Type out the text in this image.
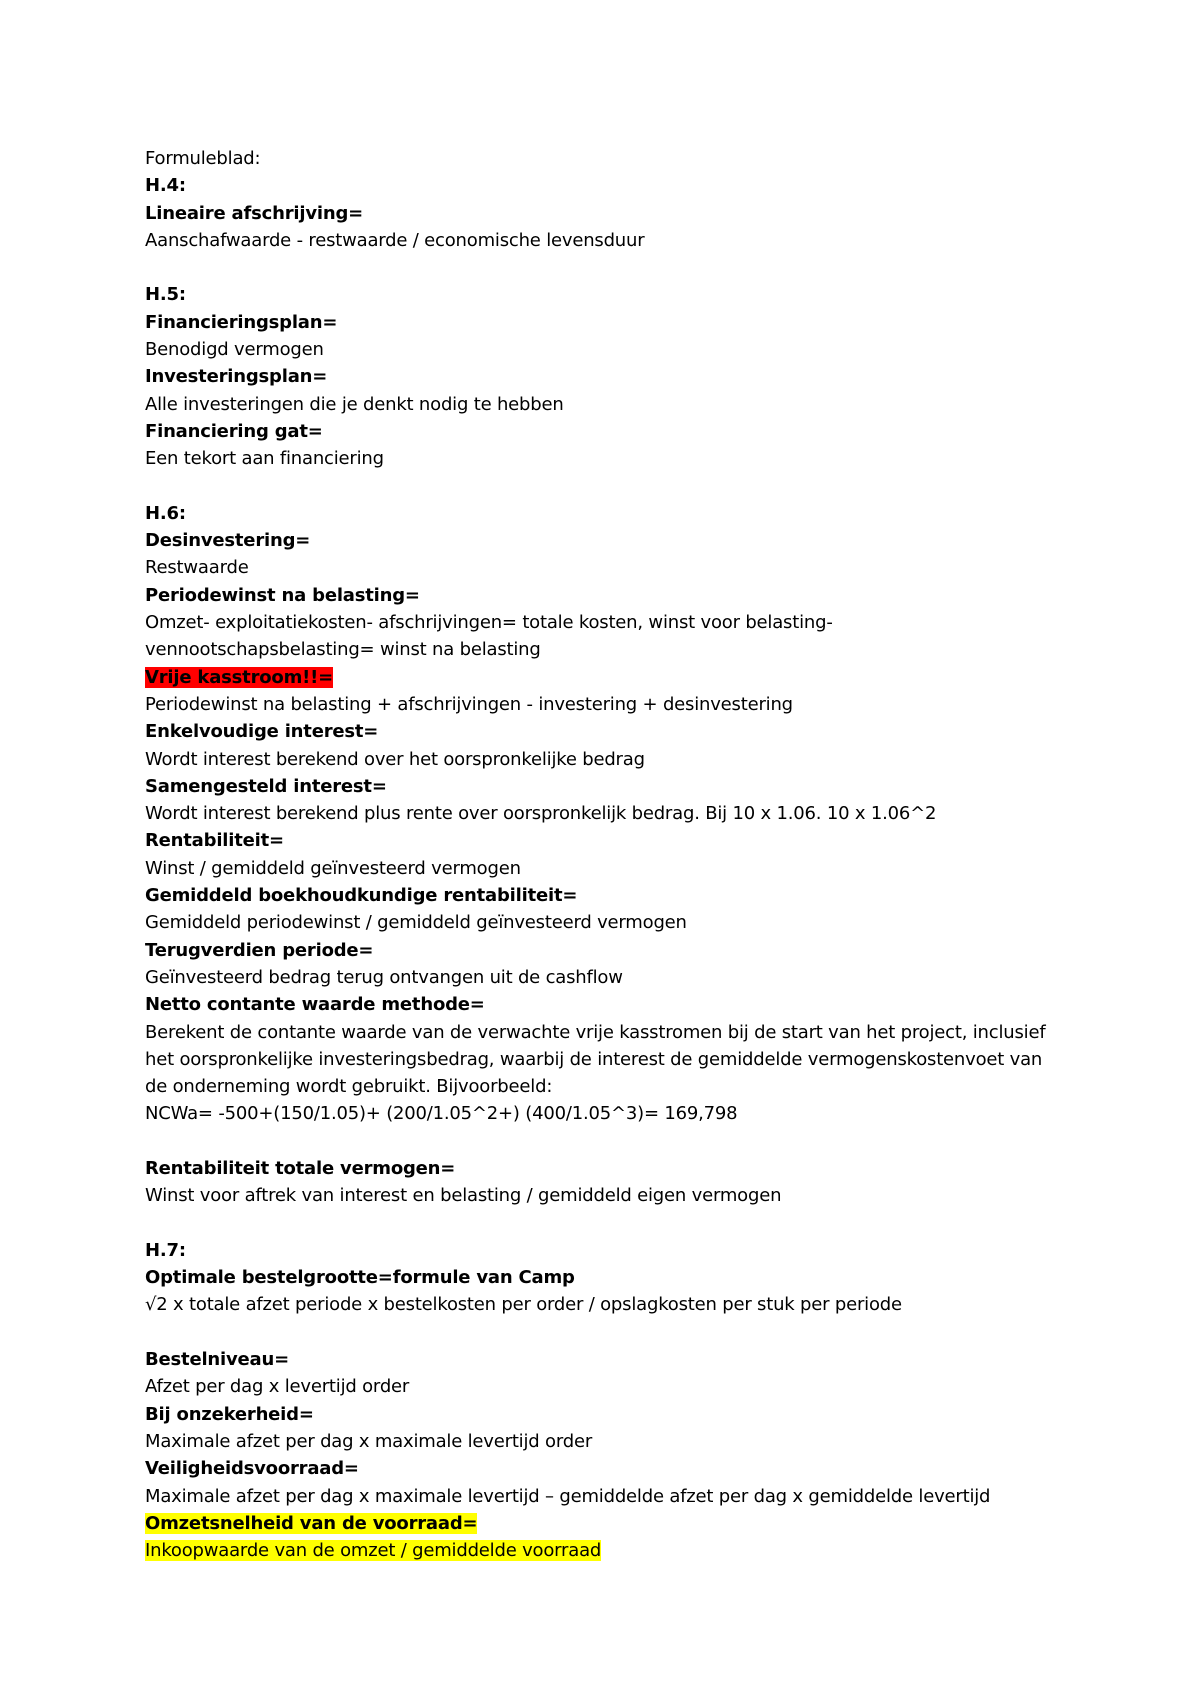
Formuleblad:
H.4:
Lineaire afschrijving=
Aanschafwaarde - restwaarde / economische levensduur
H.5:
Financieringsplan=
Benodigd vermogen
Investeringsplan=
Alle investeringen die je denkt nodig te hebben
Financiering gat=
Een tekort aan financiering
H.6:
Desinvestering=
Restwaarde
Periodewinst na belasting=
Omzet- exploitatiekosten- afschrijvingen= totale kosten, winst voor belasting-
vennootschapsbelasting= winst na belasting
Vrije kasstroom!!=
Periodewinst na belasting + afschrijvingen - investering + desinvestering
Enkelvoudige interest=
Wordt interest berekend over het oorspronkelijke bedrag
Samengesteld interest=
Wordt interest berekend plus rente over oorspronkelijk bedrag. Bij 10 x 1.06. 10 x 1.06^2
Rentabiliteit=
Winst / gemiddeld geïnvesteerd vermogen
Gemiddeld boekhoudkundige rentabiliteit=
Gemiddeld periodewinst / gemiddeld geïnvesteerd vermogen
Terugverdien periode=
Geïnvesteerd bedrag terug ontvangen uit de cashflow
Netto contante waarde methode=
Berekent de contante waarde van de verwachte vrije kasstromen bij de start van het project, inclusief
het oorspronkelijke investeringsbedrag, waarbij de interest de gemiddelde vermogenskostenvoet van
de onderneming wordt gebruikt. Bijvoorbeeld:
NCWa= -500+(150/1.05)+ (200/1.05^2+) (400/1.05^3)= 169,798
Rentabiliteit totale vermogen=
Winst voor aftrek van interest en belasting / gemiddeld eigen vermogen
H.7:
Optimale bestelgrootte=formule van Camp
√2 x totale afzet periode x bestelkosten per order / opslagkosten per stuk per periode
Bestelniveau=
Afzet per dag x levertijd order
Bij onzekerheid=
Maximale afzet per dag x maximale levertijd order
Veiligheidsvoorraad=
Maximale afzet per dag x maximale levertijd – gemiddelde afzet per dag x gemiddelde levertijd
Omzetsnelheid van de voorraad=
Inkoopwaarde van de omzet / gemiddelde voorraad
